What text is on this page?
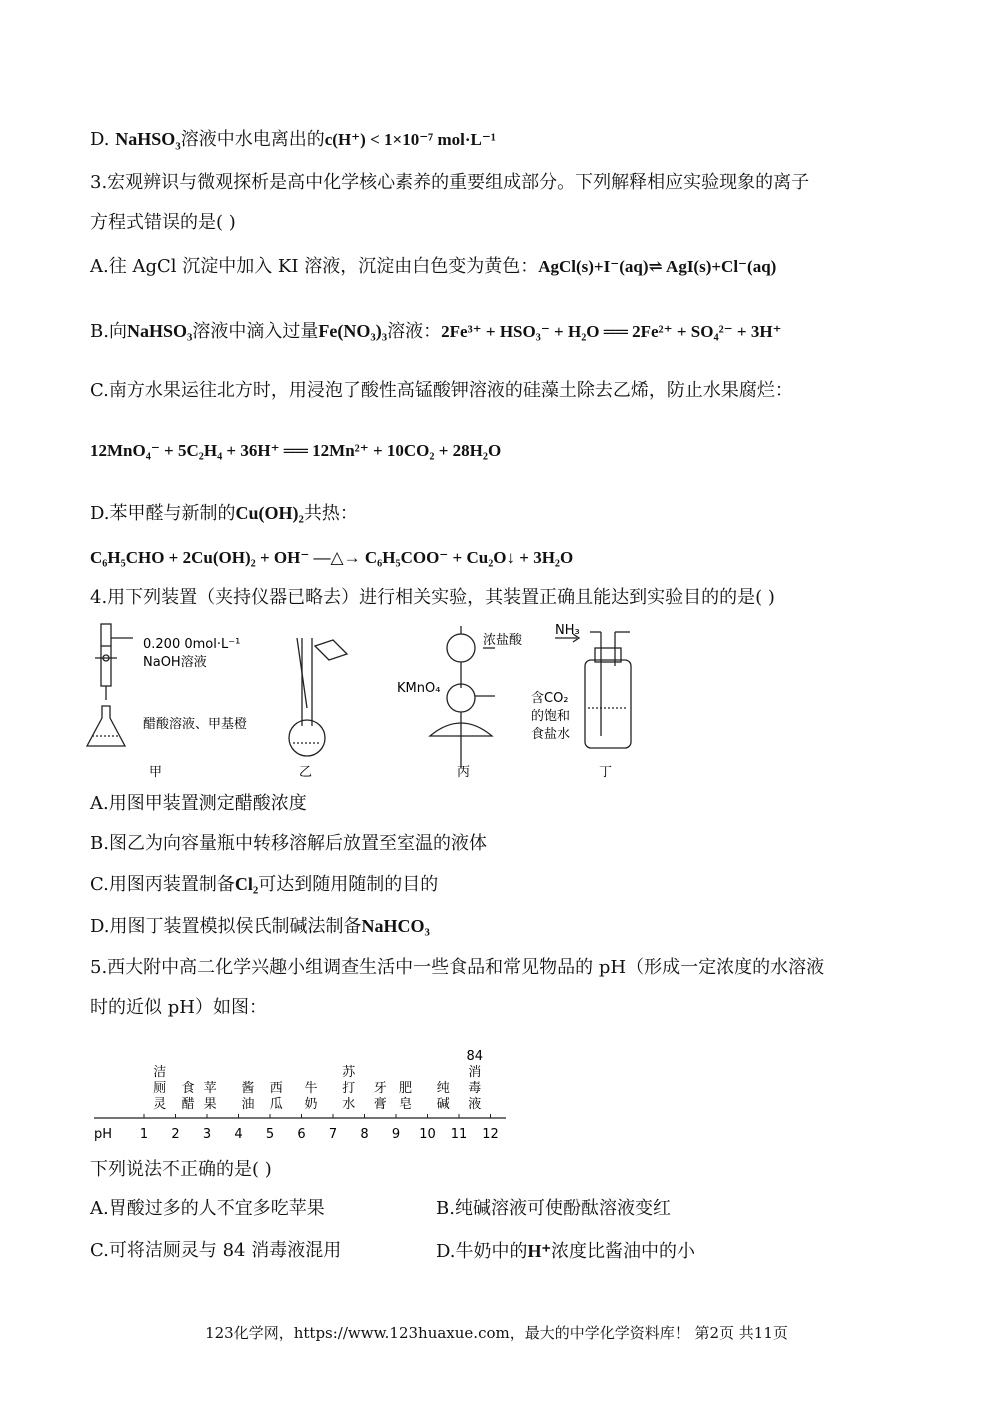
D. NaHSO$_3$溶液中水电离出的c(H⁺) < 1×10⁻⁷ mol·L⁻¹
3.宏观辨识与微观探析是高中化学核心素养的重要组成部分。下列解释相应实验现象的离子
方程式错误的是( )
A.往 AgCl 沉淀中加入 KI 溶液，沉淀由白色变为黄色：AgCl(s)+I⁻(aq)⇌ AgI(s)+Cl⁻(aq)
B.向NaHSO₃溶液中滴入过量Fe(NO₃)₃溶液：2Fe³⁺ + HSO₃⁻ + H₂O ══ 2Fe²⁺ + SO₄²⁻ + 3H⁺
C.南方水果运往北方时，用浸泡了酸性高锰酸钾溶液的硅藻土除去乙烯，防止水果腐烂：
12MnO₄⁻ + 5C₂H₄ + 36H⁺ ══ 12Mn²⁺ + 10CO₂ + 28H₂O
D.苯甲醛与新制的Cu(OH)₂共热：
C₆H₅CHO + 2Cu(OH)₂ + OH⁻ —△→ C₆H₅COO⁻ + Cu₂O↓ + 3H₂O
4.用下列装置（夹持仪器已略去）进行相关实验，其装置正确且能达到实验目的的是( )
0.200 0mol·L⁻¹
NaOH溶液
醋酸溶液、甲基橙
浓盐酸
KMnO₄
NH₃
含CO₂
的饱和
食盐水
甲	乙	丙	丁
A.用图甲装置测定醋酸浓度
B.图乙为向容量瓶中转移溶解后放置至室温的液体
C.用图丙装置制备Cl₂可达到随用随制的目的
D.用图丁装置模拟侯氏制碱法制备NaHCO₃
5.西大附中高二化学兴趣小组调查生活中一些食品和常见物品的 pH（形成一定浓度的水溶液
时的近似 pH）如图：
pH 1 2 3 4 5 6 7 8 9 10 11 12
洁厕灵
食醋
苹果
酱油
西瓜
牛奶
苏打水
牙膏
肥皂
纯碱
84 消毒液
下列说法不正确的是( )
A.胃酸过多的人不宜多吃苹果	B.纯碱溶液可使酚酞溶液变红
C.可将洁厕灵与 84 消毒液混用	D.牛奶中的H⁺浓度比酱油中的小
123化学网，https://www.123huaxue.com，最大的中学化学资料库！ 第2页 共11页
